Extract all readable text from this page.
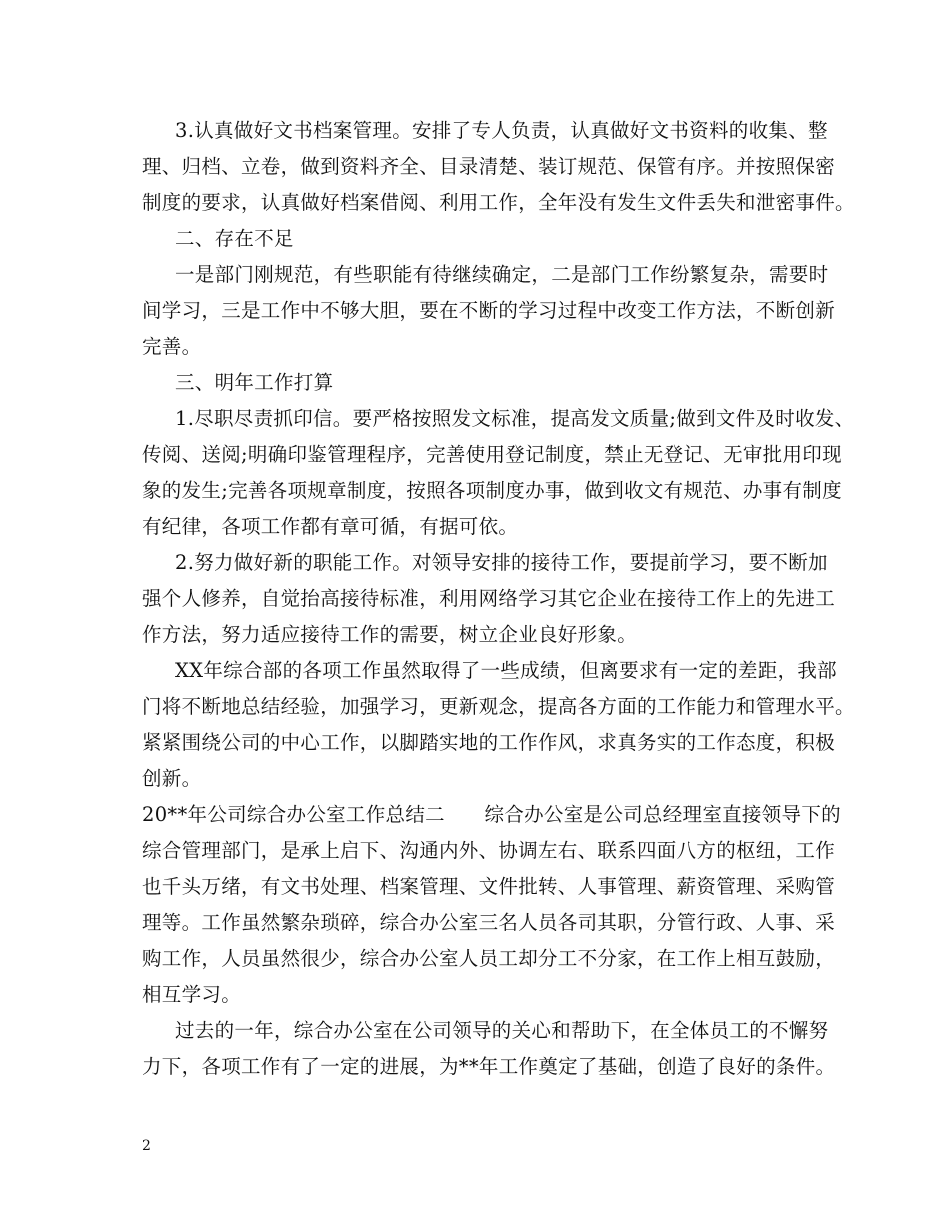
3.认真做好文书档案管理。安排了专人负责，认真做好文书资料的收集、整
理、归档、立卷，做到资料齐全、目录清楚、装订规范、保管有序。并按照保密
制度的要求，认真做好档案借阅、利用工作，全年没有发生文件丢失和泄密事件。
二、存在不足
一是部门刚规范，有些职能有待继续确定，二是部门工作纷繁复杂，需要时
间学习，三是工作中不够大胆，要在不断的学习过程中改变工作方法，不断创新
完善。
三、明年工作打算
1.尽职尽责抓印信。要严格按照发文标准，提高发文质量;做到文件及时收发、
传阅、送阅;明确印鉴管理程序，完善使用登记制度，禁止无登记、无审批用印现
象的发生;完善各项规章制度，按照各项制度办事，做到收文有规范、办事有制度
有纪律，各项工作都有章可循，有据可依。
2.努力做好新的职能工作。对领导安排的接待工作，要提前学习，要不断加
强个人修养，自觉抬高接待标准，利用网络学习其它企业在接待工作上的先进工
作方法，努力适应接待工作的需要，树立企业良好形象。
XX年综合部的各项工作虽然取得了一些成绩，但离要求有一定的差距，我部
门将不断地总结经验，加强学习，更新观念，提高各方面的工作能力和管理水平。
紧紧围绕公司的中心工作，以脚踏实地的工作作风，求真务实的工作态度，积极
创新。
20**年公司综合办公室工作总结二　　综合办公室是公司总经理室直接领导下的
综合管理部门，是承上启下、沟通内外、协调左右、联系四面八方的枢纽，工作
也千头万绪，有文书处理、档案管理、文件批转、人事管理、薪资管理、采购管
理等。工作虽然繁杂琐碎，综合办公室三名人员各司其职，分管行政、人事、采
购工作，人员虽然很少，综合办公室人员工却分工不分家，在工作上相互鼓励，
相互学习。
过去的一年，综合办公室在公司领导的关心和帮助下，在全体员工的不懈努
力下，各项工作有了一定的进展，为**年工作奠定了基础，创造了良好的条件。
2
